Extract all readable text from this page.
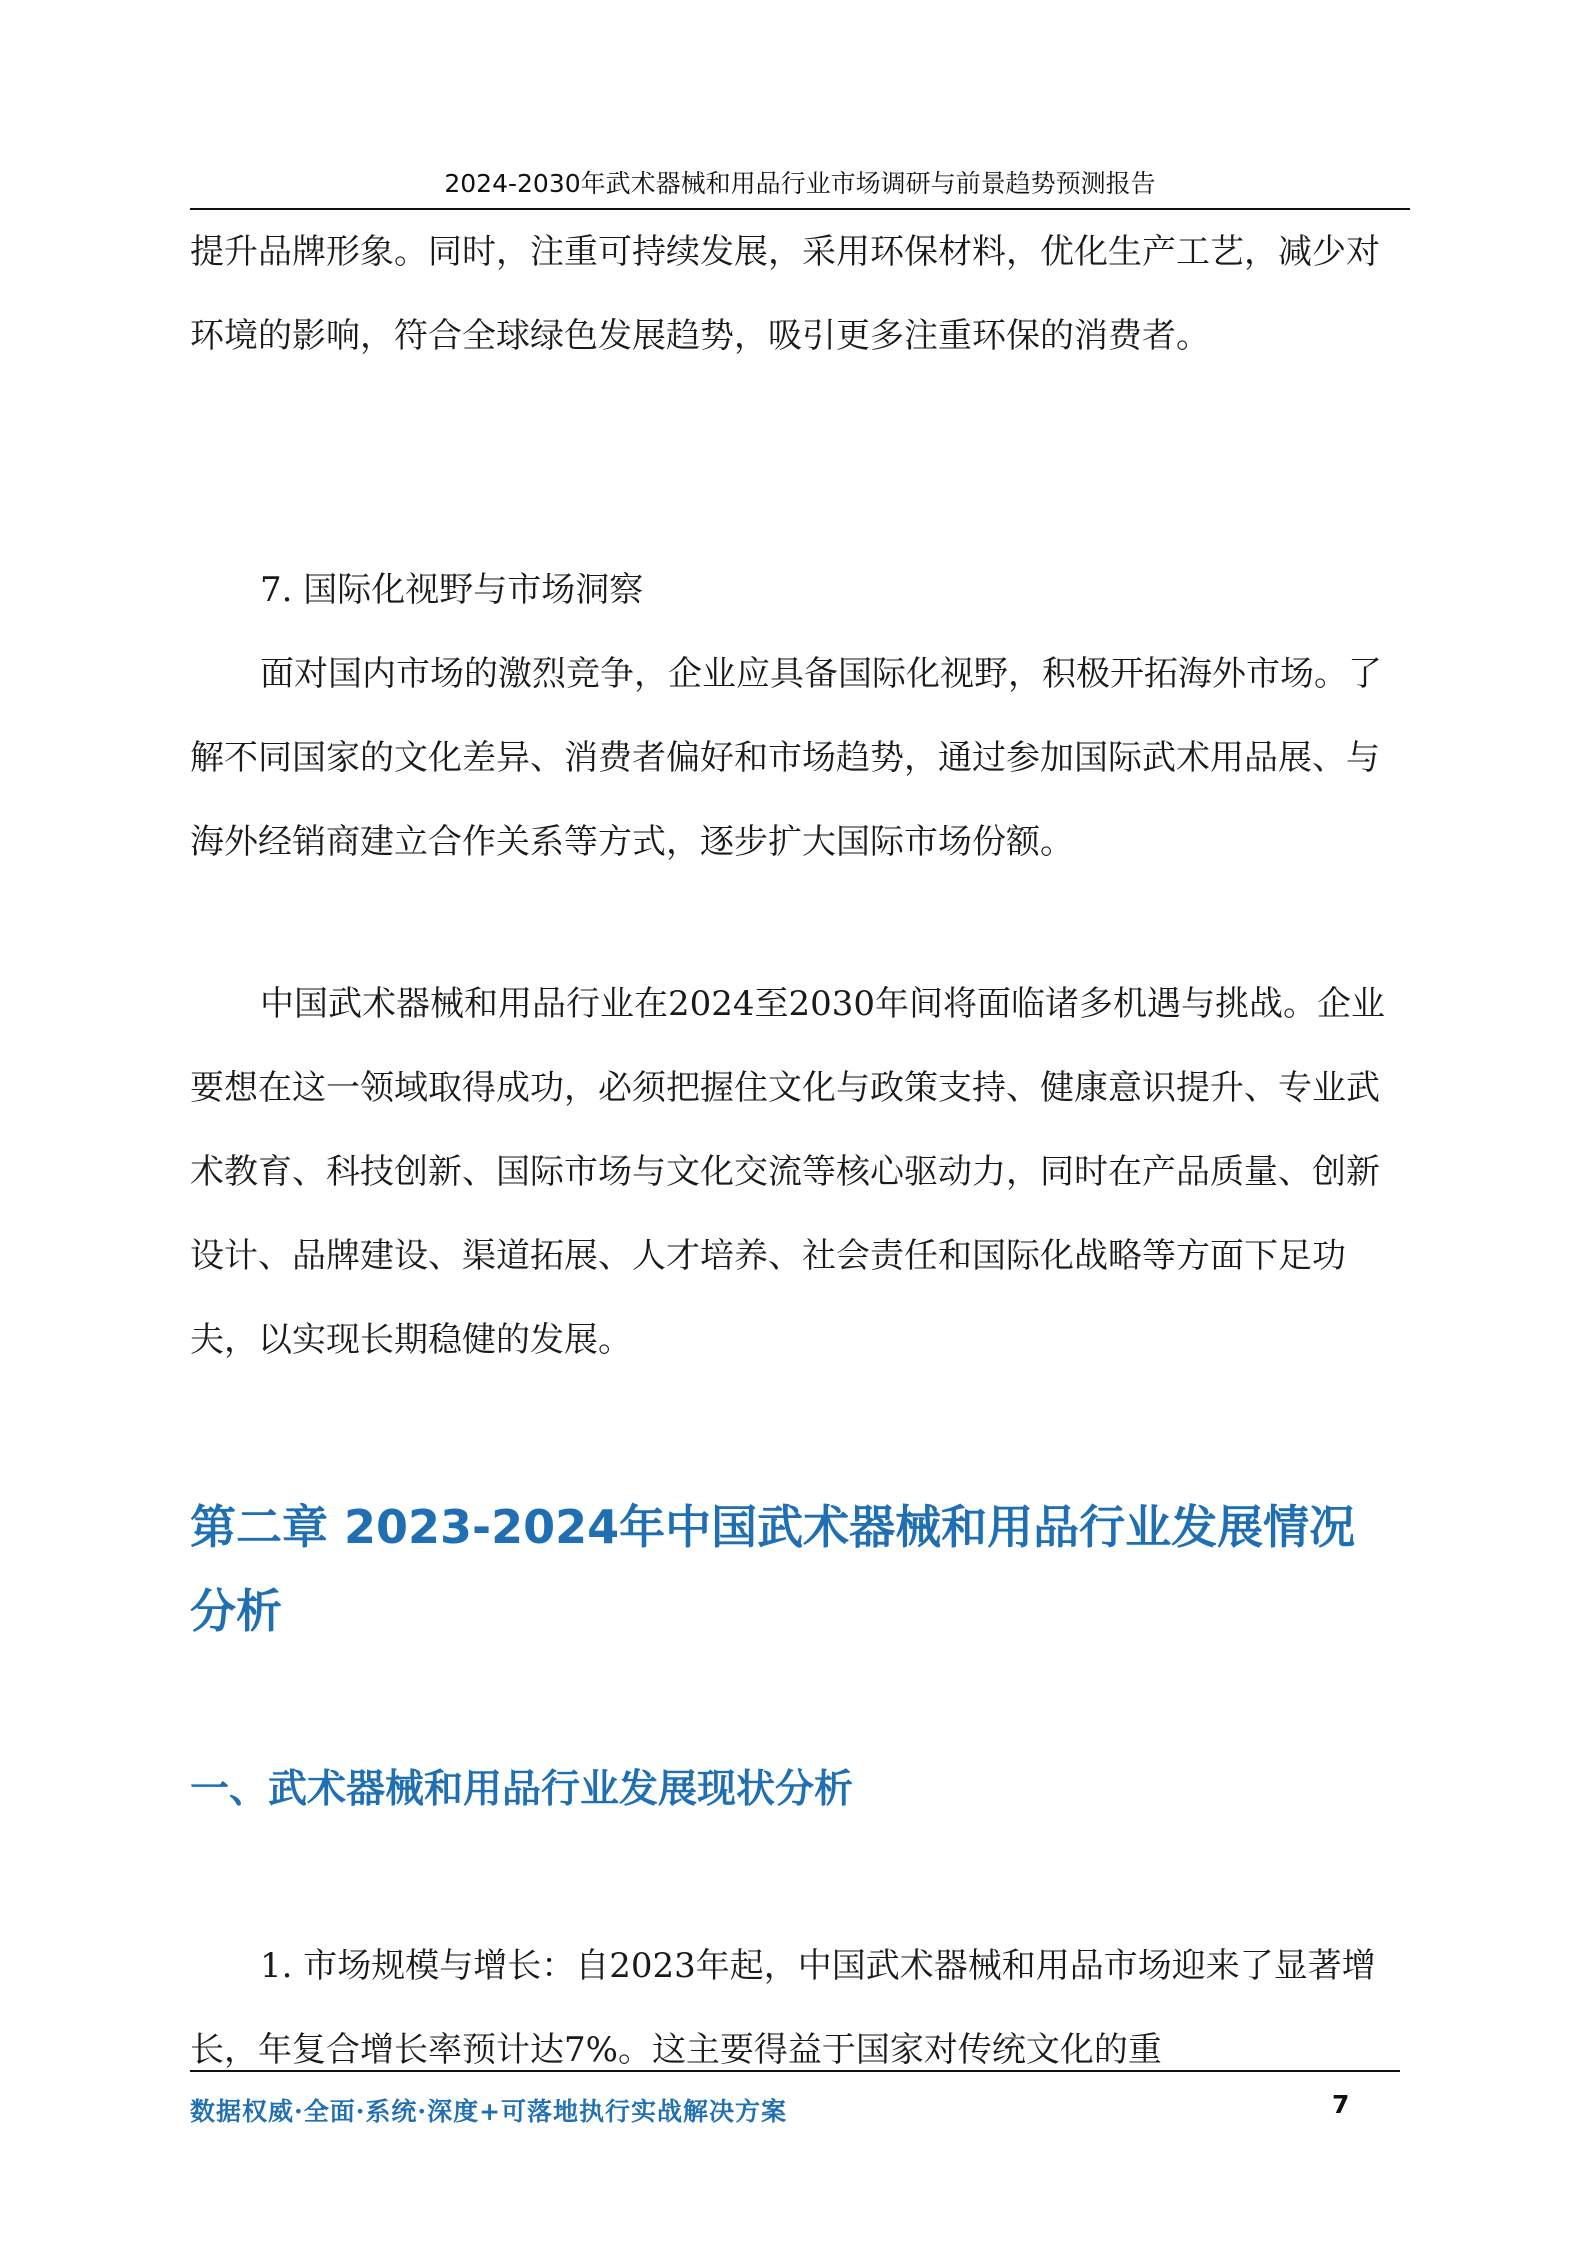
2024-2030年武术器械和用品行业市场调研与前景趋势预测报告

提升品牌形象。同时，注重可持续发展，采用环保材料，优化生产工艺，减少对环境的影响，符合全球绿色发展趋势，吸引更多注重环保的消费者。

7. 国际化视野与市场洞察

面对国内市场的激烈竞争，企业应具备国际化视野，积极开拓海外市场。了解不同国家的文化差异、消费者偏好和市场趋势，通过参加国际武术用品展、与海外经销商建立合作关系等方式，逐步扩大国际市场份额。

中国武术器械和用品行业在2024至2030年间将面临诸多机遇与挑战。企业要想在这一领域取得成功，必须把握住文化与政策支持、健康意识提升、专业武术教育、科技创新、国际市场与文化交流等核心驱动力，同时在产品质量、创新设计、品牌建设、渠道拓展、人才培养、社会责任和国际化战略等方面下足功夫，以实现长期稳健的发展。

第二章 2023-2024年中国武术器械和用品行业发展情况分析
一、武术器械和用品行业发展现状分析

1. 市场规模与增长：自2023年起，中国武术器械和用品市场迎来了显著增长，年复合增长率预计达7%。这主要得益于国家对传统文化的重

数据权威·全面·系统·深度+可落地执行实战解决方案	7
